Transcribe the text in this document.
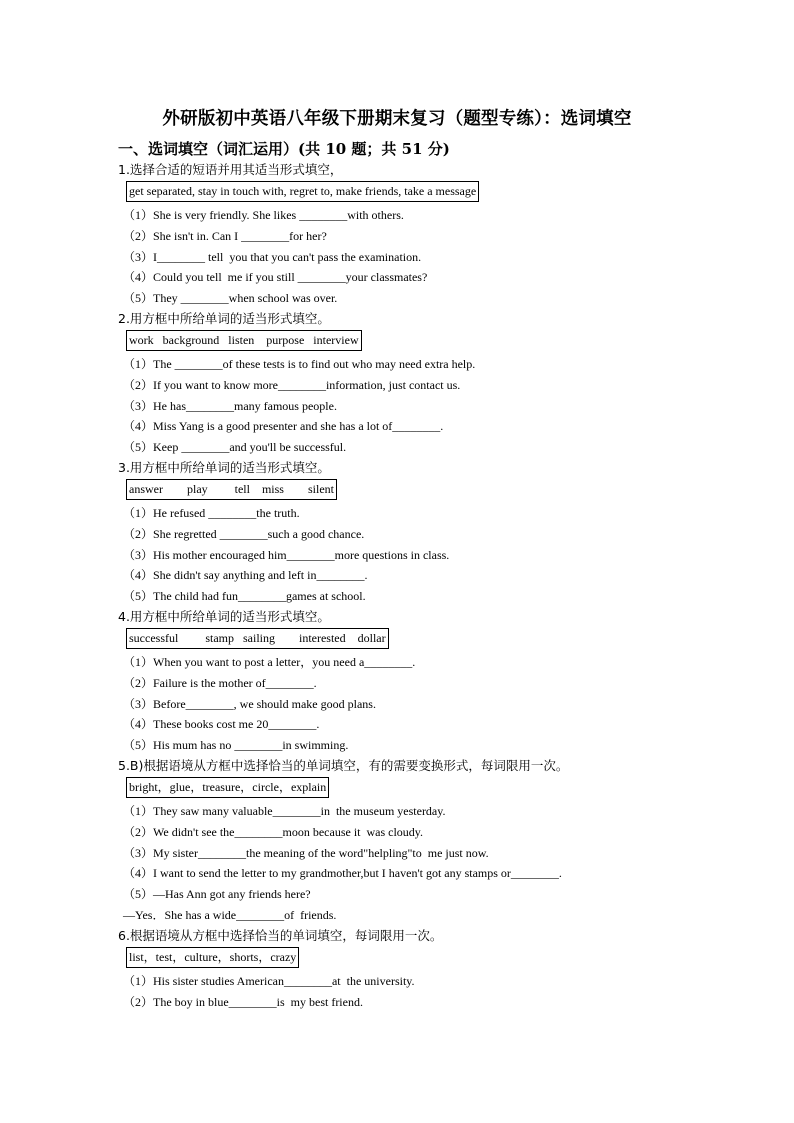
外研版初中英语八年级下册期末复习（题型专练）：选词填空
一、选词填空（词汇运用）(共 10 题；共 51 分)
1.选择合适的短语并用其适当形式填空，
get separated, stay in touch with, regret to, make friends, take a message
（1）She is very friendly. She likes ________with others.
（2）She isn't in. Can I ________for her?
（3）I________ tell  you that you can't pass the examination.
（4）Could you tell  me if you still ________your classmates?
（5）They ________when school was over.
2.用方框中所给单词的适当形式填空。
work   background   listen    purpose   interview
（1）The ________of these tests is to find out who may need extra help.
（2）If you want to know more________information, just contact us.
（3）He has________many famous people.
（4）Miss Yang is a good presenter and she has a lot of________.
（5）Keep ________and you'll be successful.
3.用方框中所给单词的适当形式填空。
answer        play         tell    miss        silent
（1）He refused ________the truth.
（2）She regretted ________such a good chance.
（3）His mother encouraged him________more questions in class.
（4）She didn't say anything and left in________.
（5）The child had fun________games at school.
4.用方框中所给单词的适当形式填空。
successful         stamp   sailing        interested    dollar
（1）When you want to post a letter，you need a________.
（2）Failure is the mother of________.
（3）Before________, we should make good plans.
（4）These books cost me 20________.
（5）His mum has no ________in swimming.
5.B)根据语境从方框中选择恰当的单词填空，有的需要变换形式，每词限用一次。
bright，glue，treasure，circle，explain
（1）They saw many valuable________in  the museum yesterday.
（2）We didn't see the________moon because it  was cloudy.
（3）My sister________the meaning of the word"helpling"to  me just now.
（4）I want to send the letter to my grandmother,but I haven't got any stamps or________.
（5）—Has Ann got any friends here?
—Yes．She has a wide________of  friends.
6.根据语境从方框中选择恰当的单词填空，每词限用一次。
list，test，culture，shorts，crazy
（1）His sister studies American________at  the university.
（2）The boy in blue________is  my best friend.
